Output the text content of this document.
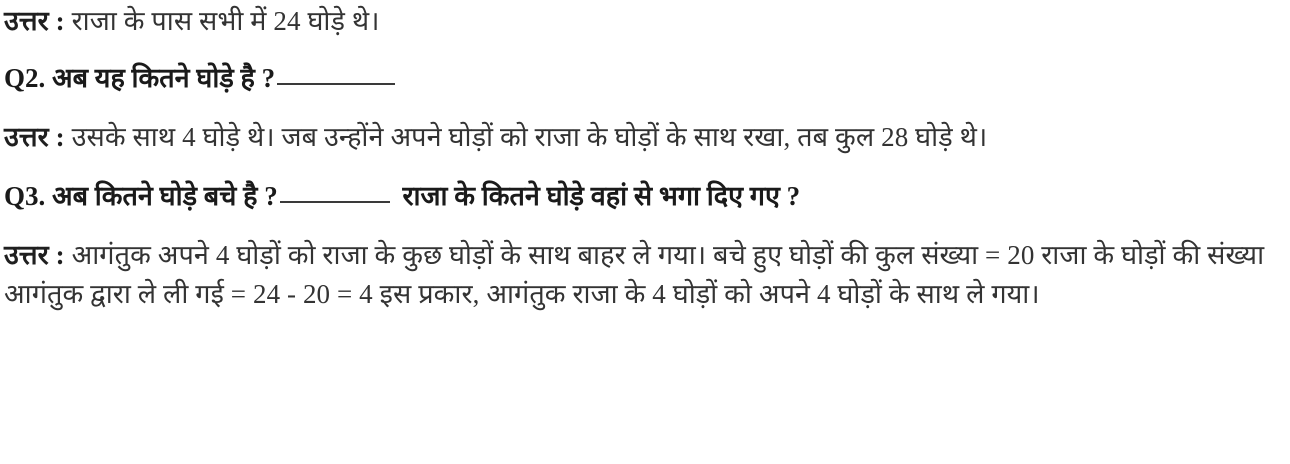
उत्तर : राजा के पास सभी में 24 घोड़े थे।

Q2. अब यह कितने घोड़े है ?

उत्तर : उसके साथ 4 घोड़े थे। जब उन्होंने अपने घोड़ों को राजा के घोड़ों के साथ रखा, तब कुल 28 घोड़े थे।

Q3. अब कितने घोड़े बचे है ?	राजा के कितने घोड़े वहां से भगा दिए गए ?

उत्तर : आगंतुक अपने 4 घोड़ों को राजा के कुछ घोड़ों के साथ बाहर ले गया। बचे हुए घोड़ों की कुल संख्या = 20 राजा के घोड़ों की संख्या आगंतुक द्वारा ले ली गई = 24 - 20 = 4 इस प्रकार, आगंतुक राजा के 4 घोड़ों को अपने 4 घोड़ों के साथ ले गया।
